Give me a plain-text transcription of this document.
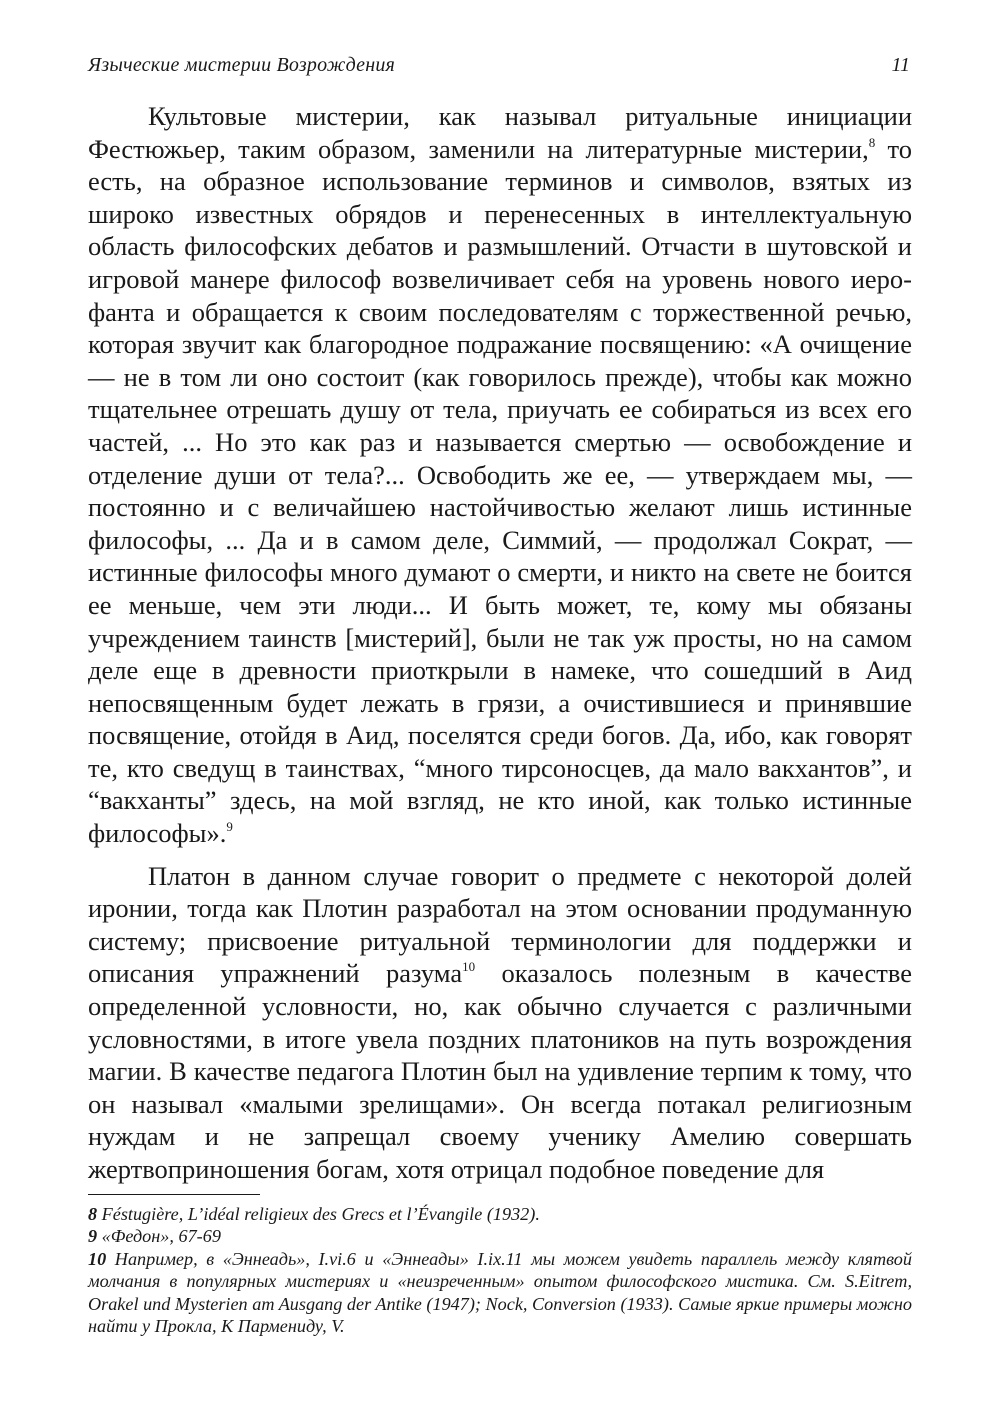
Языческие мистерии Возрождения	11

Культовые мистерии, как называл ритуальные инициации Фестюжьер, таким образом, заменили на литературные мистерии,$^8$ то есть, на образное использование терминов и символов, взятых из широко известных обрядов и перенесенных в интеллектуальную область философских дебатов и размышлений. Отчасти в шутовской и игровой манере философ возвеличивает себя на уровень нового иерофанта и обращается к своим последователям с торжественной речью, которая звучит как благородное подражание посвящению: «А очищение — не в том ли оно состоит (как говорилось прежде), чтобы как можно тщательнее отрешать душу от тела, приучать ее собираться из всех его частей, ... Но это как раз и называется смертью — освобождение и отделение души от тела?... Освободить же ее, — утверждаем мы, — постоянно и с величайшею настойчивостью желают лишь истинные философы, ... Да и в самом деле, Симмий, — продолжал Сократ, — истинные философы много думают о смерти, и никто на свете не боится ее меньше, чем эти люди... И быть может, те, кому мы обязаны учреждением таинств [мистерий], были не так уж просты, но на самом деле еще в древности приоткрыли в намеке, что сошедший в Аид непосвященным будет лежать в грязи, а очистившиеся и принявшие посвящение, отойдя в Аид, поселятся среди богов. Да, ибо, как говорят те, кто сведущ в таинствах, “много тирсоносцев, да мало вакхантов”, и “вакханты” здесь, на мой взгляд, не кто иной, как только истинные философы».$^9$

Платон в данном случае говорит о предмете с некоторой долей иронии, тогда как Плотин разработал на этом основании продуманную систему; присвоение ритуальной терминологии для поддержки и описания упражнений разума$^{10}$ оказалось полезным в качестве определенной условности, но, как обычно случается с различными условностями, в итоге увела поздних платоников на путь возрождения магии. В качестве педагога Плотин был на удивление терпим к тому, что он называл «малыми зрелищами». Он всегда потакал религиозным нуждам и не запрещал своему ученику Амелию совершать жертвоприношения богам, хотя отрицал подобное поведение для

8 Féstugière, L’idéal religieux des Grecs et l’Évangile (1932).

9 «Федон», 67-69

10 Например, в «Эннеадь», I.vi.6 и «Эннеады» I.ix.11 мы можем увидеть параллель между клятвой молчания в популярных мистериях и «неизреченным» опытом философского мистика. См. S.Eitrem, Orakel und Mysterien am Ausgang der Antike (1947); Nock, Conversion (1933). Самые яркие примеры можно найти у Прокла, К Пармениду, V.
